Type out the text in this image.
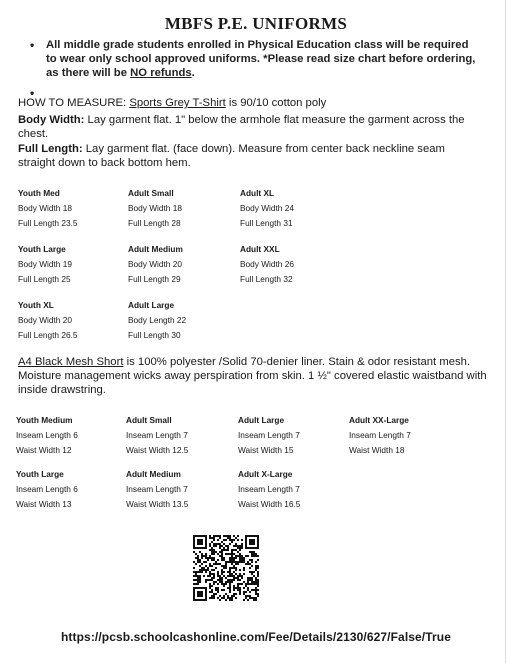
MBFS P.E. UNIFORMS
• All middle grade students enrolled in Physical Education class will be required to wear only school approved uniforms. *Please read size chart before ordering, as there will be NO refunds.
•

HOW TO MEASURE: Sports Grey T-Shirt is 90/10 cotton poly

Body Width: Lay garment flat. 1" below the armhole flat measure the garment across the chest.

Full Length: Lay garment flat. (face down). Measure from center back neckline seam straight down to back bottom hem.

Youth Med
Body Width 18
Full Length 23.5
Youth Large
Body Width 19
Full Length 25
Youth XL
Body Width 20
Full Length 26.5
Adult Small
Body Width 18
Full Length 28
Adult Medium
Body Width 20
Full Length 29
Adult Large
Body Length 22
Full Length 30
Adult XL
Body Width 24
Full Length 31
Adult XXL
Body Width 26
Full Length 32

A4 Black Mesh Short is 100% polyester /Solid 70-denier liner. Stain & odor resistant mesh. Moisture management wicks away perspiration from skin. 1 ½" covered elastic waistband with inside drawstring.

Youth Medium
Inseam Length 6
Waist Width 12
Youth Large
Inseam Length 6
Waist Width 13
Adult Small
Inseam Length 7
Waist Width 12.5
Adult Medium
Inseam Length 7
Waist Width 13.5
Adult Large
Inseam Length 7
Waist Width 15
Adult X-Large
Inseam Length 7
Waist Width 16.5
Adult XX-Large
Inseam Length 7
Waist Width 18
https://pcsb.schoolcashonline.com/Fee/Details/2130/627/False/True
